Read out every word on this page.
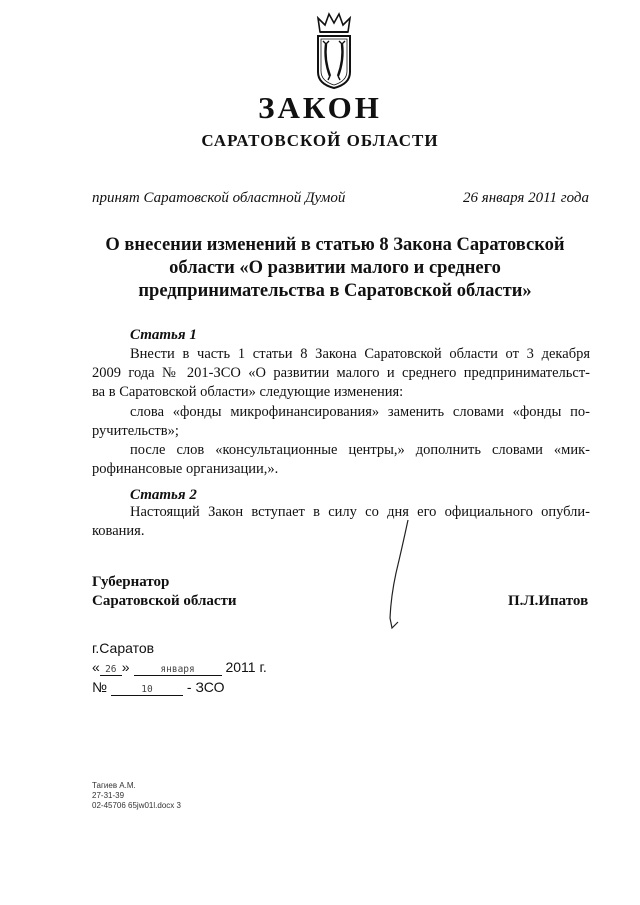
ЗАКОН
САРАТОВСКОЙ ОБЛАСТИ
принят Саратовской областной Думой	26 января 2011 года
О внесении изменений в статью 8 Закона Саратовской
области «О развитии малого и среднего
предпринимательства в Саратовской области»
Статья 1
Внести в часть 1 статьи 8 Закона Саратовской области от 3 декабря
2009 года № 201-ЗСО «О развитии малого и среднего предпринимательст-
ва в Саратовской области» следующие изменения:
слова «фонды микрофинансирования» заменить словами «фонды по-
ручительств»;
после слов «консультационные центры,» дополнить словами «мик-
рофинансовые организации,».
Статья 2
Настоящий Закон вступает в силу со дня его официального опубли-
кования.
Губернатор
Саратовской области	П.Л.Ипатов
г.Саратов
« 26 »	января 2011 г.
№	10 - ЗСО
Тагиев А.М.
27-31-39
02-45706 65jw01l.docx 3
